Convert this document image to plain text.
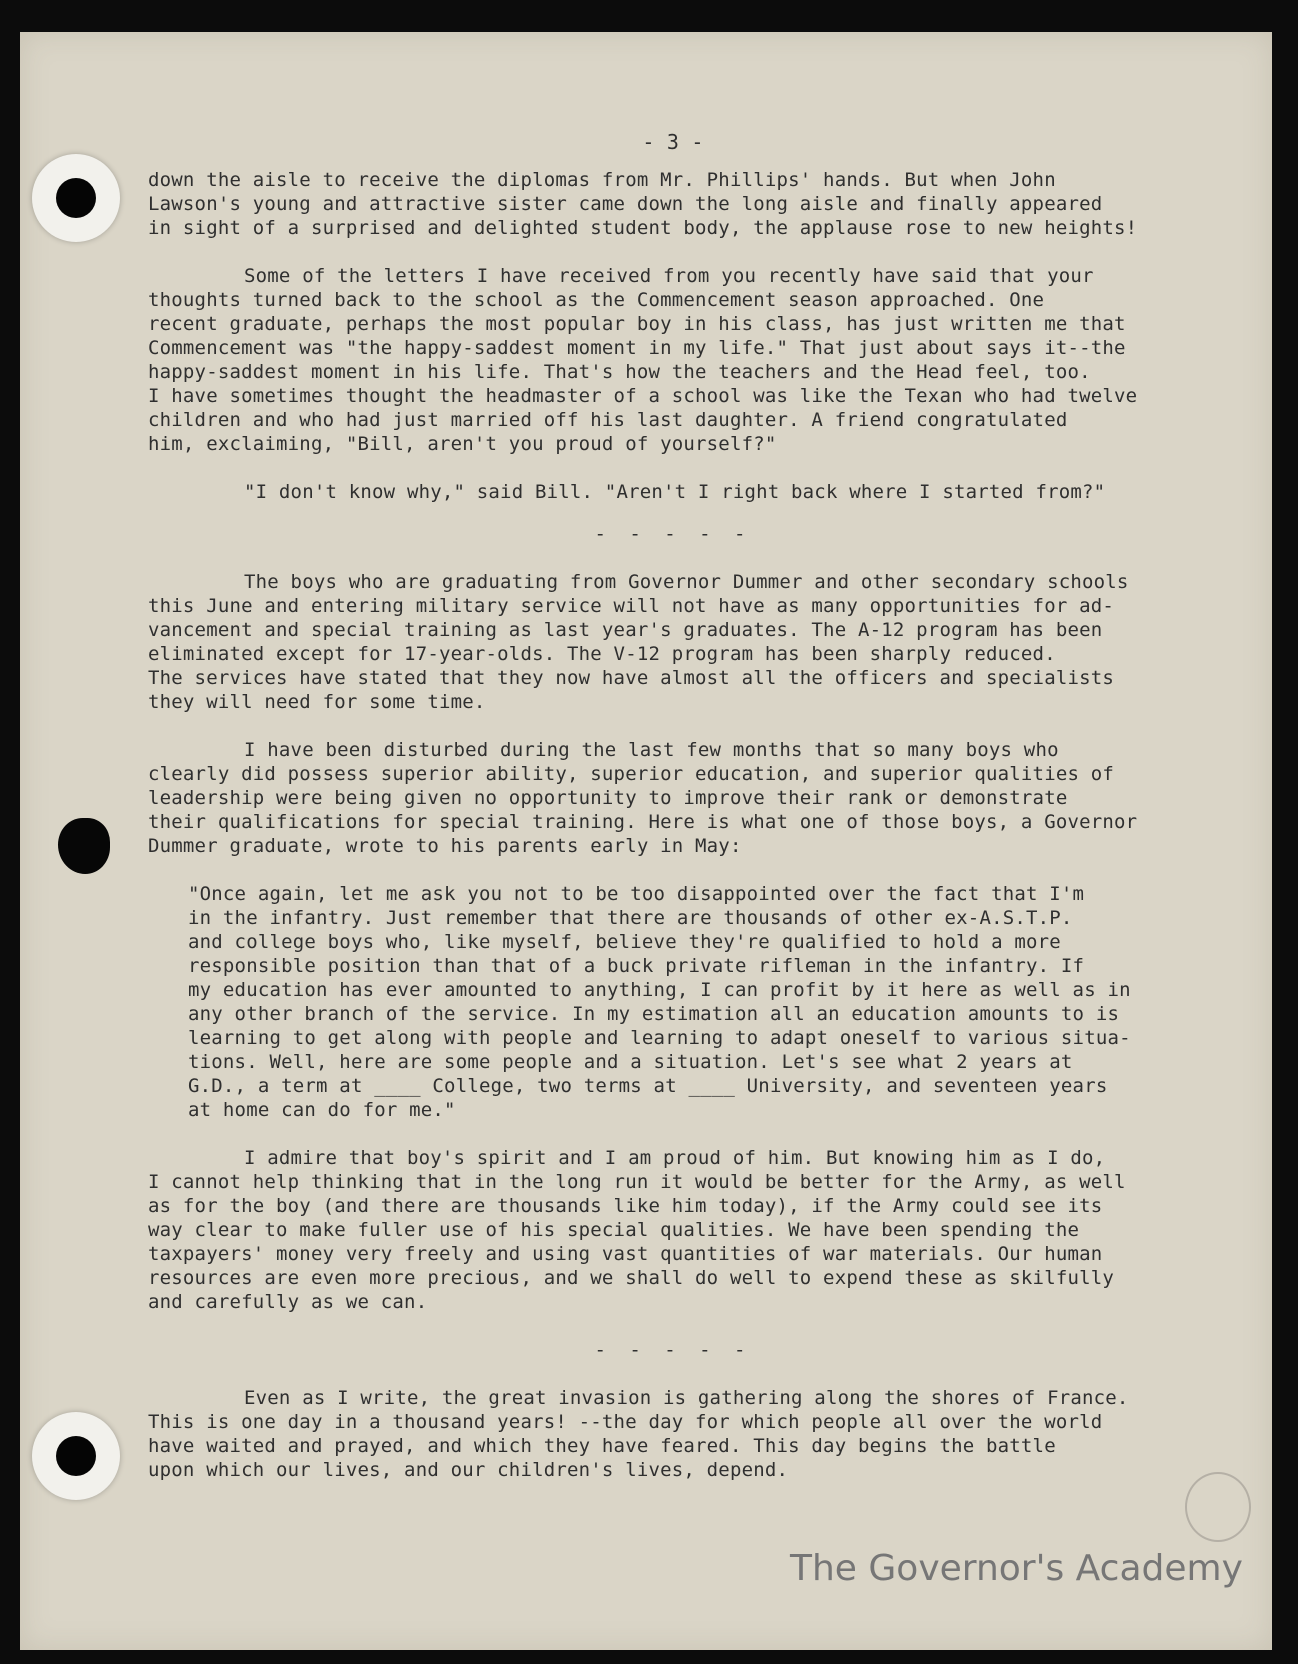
- 3 -

down the aisle to receive the diplomas from Mr. Phillips' hands. But when John
Lawson's young and attractive sister came down the long aisle and finally appeared
in sight of a surprised and delighted student body, the applause rose to new heights!

Some of the letters I have received from you recently have said that your
thoughts turned back to the school as the Commencement season approached. One
recent graduate, perhaps the most popular boy in his class, has just written me that
Commencement was "the happy-saddest moment in my life." That just about says it--the
happy-saddest moment in his life. That's how the teachers and the Head feel, too.
I have sometimes thought the headmaster of a school was like the Texan who had twelve
children and who had just married off his last daughter. A friend congratulated
him, exclaiming, "Bill, aren't you proud of yourself?"

"I don't know why," said Bill. "Aren't I right back where I started from?"

- - - - -

The boys who are graduating from Governor Dummer and other secondary schools
this June and entering military service will not have as many opportunities for ad-
vancement and special training as last year's graduates. The A-12 program has been
eliminated except for 17-year-olds. The V-12 program has been sharply reduced.
The services have stated that they now have almost all the officers and specialists
they will need for some time.

I have been disturbed during the last few months that so many boys who
clearly did possess superior ability, superior education, and superior qualities of
leadership were being given no opportunity to improve their rank or demonstrate
their qualifications for special training. Here is what one of those boys, a Governor
Dummer graduate, wrote to his parents early in May:

"Once again, let me ask you not to be too disappointed over the fact that I'm
in the infantry. Just remember that there are thousands of other ex-A.S.T.P.
and college boys who, like myself, believe they're qualified to hold a more
responsible position than that of a buck private rifleman in the infantry. If
my education has ever amounted to anything, I can profit by it here as well as in
any other branch of the service. In my estimation all an education amounts to is
learning to get along with people and learning to adapt oneself to various situa-
tions. Well, here are some people and a situation. Let's see what 2 years at
G.D., a term at ____ College, two terms at ____ University, and seventeen years
at home can do for me."

I admire that boy's spirit and I am proud of him. But knowing him as I do,
I cannot help thinking that in the long run it would be better for the Army, as well
as for the boy (and there are thousands like him today), if the Army could see its
way clear to make fuller use of his special qualities. We have been spending the
taxpayers' money very freely and using vast quantities of war materials. Our human
resources are even more precious, and we shall do well to expend these as skilfully
and carefully as we can.

- - - - -

Even as I write, the great invasion is gathering along the shores of France.
This is one day in a thousand years! --the day for which people all over the world
have waited and prayed, and which they have feared. This day begins the battle
upon which our lives, and our children's lives, depend.

The Governor's Academy
